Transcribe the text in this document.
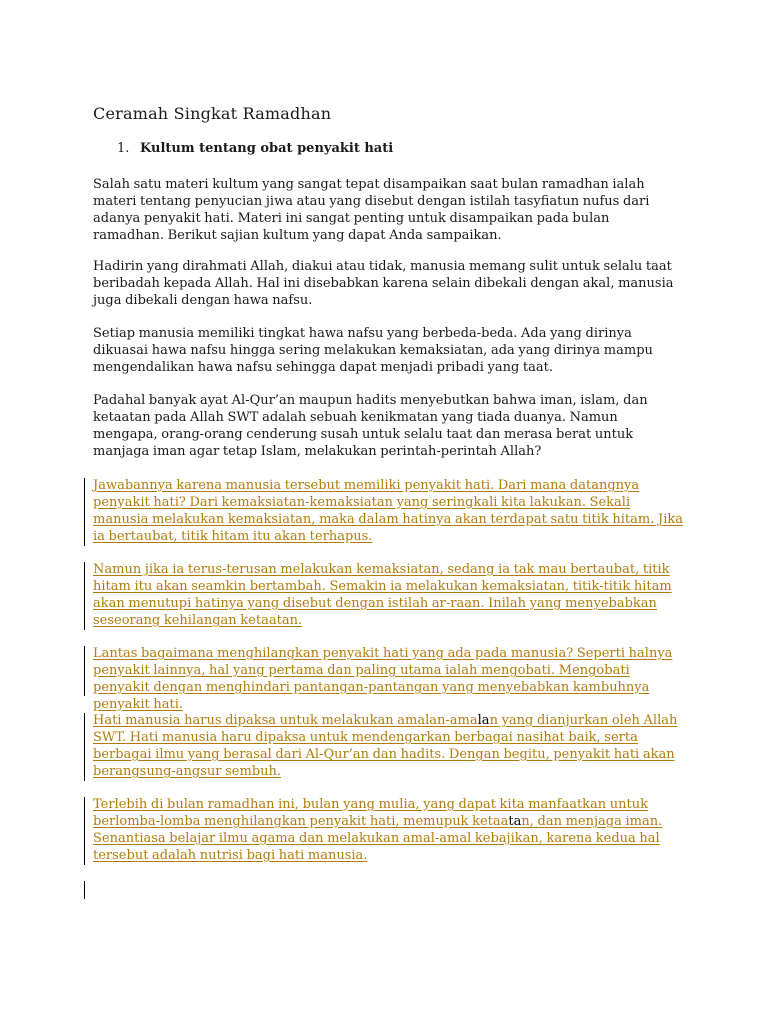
Ceramah Singkat Ramadhan
1. Kultum tentang obat penyakit hati

Salah satu materi kultum yang sangat tepat disampaikan saat bulan ramadhan ialah materi tentang penyucian jiwa atau yang disebut dengan istilah tasyfiatun nufus dari adanya penyakit hati. Materi ini sangat penting untuk disampaikan pada bulan ramadhan. Berikut sajian kultum yang dapat Anda sampaikan.

Hadirin yang dirahmati Allah, diakui atau tidak, manusia memang sulit untuk selalu taat beribadah kepada Allah. Hal ini disebabkan karena selain dibekali dengan akal, manusia juga dibekali dengan hawa nafsu.

Setiap manusia memiliki tingkat hawa nafsu yang berbeda-beda. Ada yang dirinya dikuasai hawa nafsu hingga sering melakukan kemaksiatan, ada yang dirinya mampu mengendalikan hawa nafsu sehingga dapat menjadi pribadi yang taat.

Padahal banyak ayat Al-Qur’an maupun hadits menyebutkan bahwa iman, islam, dan ketaatan pada Allah SWT adalah sebuah kenikmatan yang tiada duanya. Namun mengapa, orang-orang cenderung susah untuk selalu taat dan merasa berat untuk manjaga iman agar tetap Islam, melakukan perintah-perintah Allah?

Jawabannya karena manusia tersebut memiliki penyakit hati. Dari mana datangnya penyakit hati? Dari kemaksiatan-kemaksiatan yang seringkali kita lakukan. Sekali manusia melakukan kemaksiatan, maka dalam hatinya akan terdapat satu titik hitam. Jika ia bertaubat, titik hitam itu akan terhapus.

Namun jika ia terus-terusan melakukan kemaksiatan, sedang ia tak mau bertaubat, titik hitam itu akan seamkin bertambah. Semakin ia melakukan kemaksiatan, titik-titik hitam akan menutupi hatinya yang disebut dengan istilah ar-raan. Inilah yang menyebabkan seseorang kehilangan ketaatan.

Lantas bagaimana menghilangkan penyakit hati yang ada pada manusia? Seperti halnya penyakit lainnya, hal yang pertama dan paling utama ialah mengobati. Mengobati penyakit dengan menghindari pantangan-pantangan yang menyebabkan kambuhnya penyakit hati.

Hati manusia harus dipaksa untuk melakukan amalan-amalan yang dianjurkan oleh Allah SWT. Hati manusia haru dipaksa untuk mendengarkan berbagai nasihat baik, serta berbagai ilmu yang berasal dari Al-Qur’an dan hadits. Dengan begitu, penyakit hati akan berangsung-angsur sembuh.

Terlebih di bulan ramadhan ini, bulan yang mulia, yang dapat kita manfaatkan untuk berlomba-lomba menghilangkan penyakit hati, memupuk ketaatan, dan menjaga iman. Senantiasa belajar ilmu agama dan melakukan amal-amal kebajikan, karena kedua hal tersebut adalah nutrisi bagi hati manusia.
